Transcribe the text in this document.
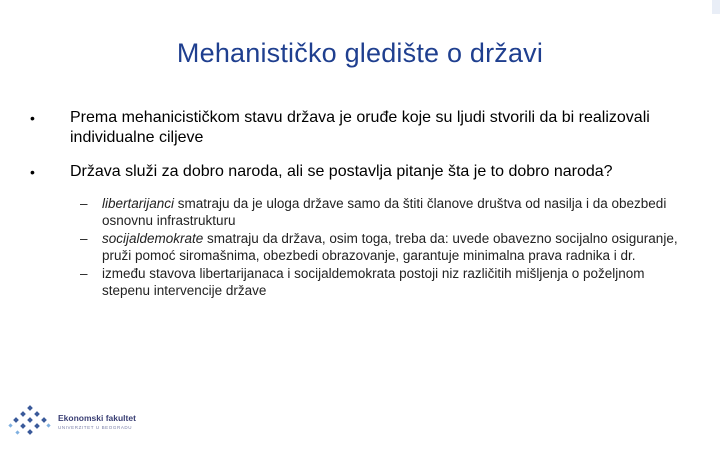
Mehanističko gledište o državi
•	Prema mehanicističkom stavu država je oruđe koje su ljudi stvorili da bi realizovali individualne ciljeve
•	Država služi za dobro naroda, ali se postavlja pitanje šta je to dobro naroda?
– libertarijanci smatraju da je uloga države samo da štiti članove društva od nasilja i da obezbedi osnovnu infrastrukturu
– socijaldemokrate smatraju da država, osim toga, treba da: uvede obavezno socijalno osiguranje, pruži pomoć siromašnima, obezbedi obrazovanje, garantuje minimalna prava radnika i dr.
– između stavova libertarijanaca i socijaldemokrata postoji niz različitih mišljenja o poželjnom stepenu intervencije države
Ekonomski fakultet
UNIVERZITET U BEOGRADU
